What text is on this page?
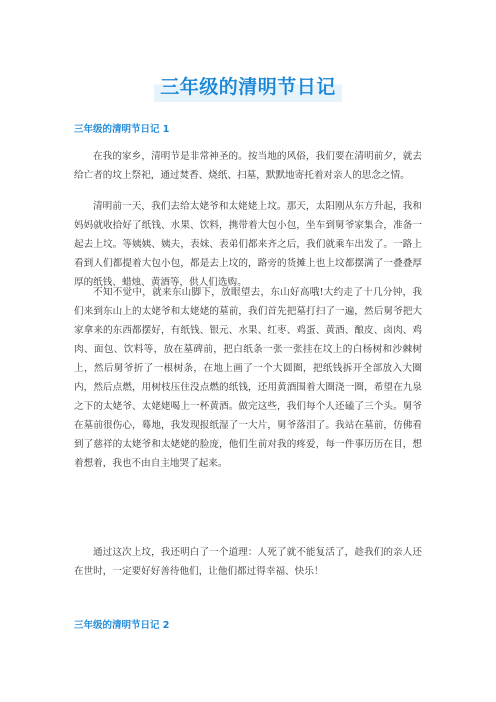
三年级的清明节日记
三年级的清明节日记 1

在我的家乡，清明节是非常神圣的。按当地的风俗，我们要在清明前夕，就去给亡者的坟上祭祀，通过焚香、烧纸、扫墓，默默地寄托着对亲人的思念之情。

清明前一天，我们去给太姥爷和太姥姥上坟。那天，太阳刚从东方升起，我和妈妈就收拾好了纸钱、水果、饮料，携带着大包小包，坐车到舅爷家集合，准备一起去上坟。等姨姨、姨夫，表妹、表弟们都来齐之后，我们就乘车出发了。一路上看到人们都提着大包小包，都是去上坟的，路旁的货摊上也上坟都摆满了一叠叠厚厚的纸钱、蜡烛、黄酒等，供人们选购。

不知不觉中，就来东山脚下，放眼望去，东山好高哦!大约走了十几分钟，我们来到东山上的太姥爷和太姥姥的墓前，我们首先把墓打扫了一遍，然后舅爷把大家拿来的东西都摆好，有纸钱、银元、水果、红枣、鸡蛋、黄酒、酿皮、卤肉、鸡肉、面包、饮料等，放在墓碑前，把白纸条一张一张挂在坟上的白杨树和沙棘树上，然后舅爷折了一根树条，在地上画了一个大圆圈，把纸钱拆开全部放入大圈内，然后点燃，用树枝压住没点燃的纸钱，还用黄酒围着大圈浇一圈，希望在九泉之下的太姥爷、太姥姥喝上一杯黄酒。做完这些，我们每个人还磕了三个头。舅爷在墓前很伤心，蓦地，我发现报纸湿了一大片，舅爷落泪了。我站在墓前，仿佛看到了慈祥的太姥爷和太姥姥的脸庞，他们生前对我的疼爱，每一件事历历在目，想着想着，我也不由自主地哭了起来。

通过这次上坟，我还明白了一个道理：人死了就不能复活了，趁我们的亲人还在世时，一定要好好善待他们，让他们都过得幸福、快乐！

三年级的清明节日记 2
